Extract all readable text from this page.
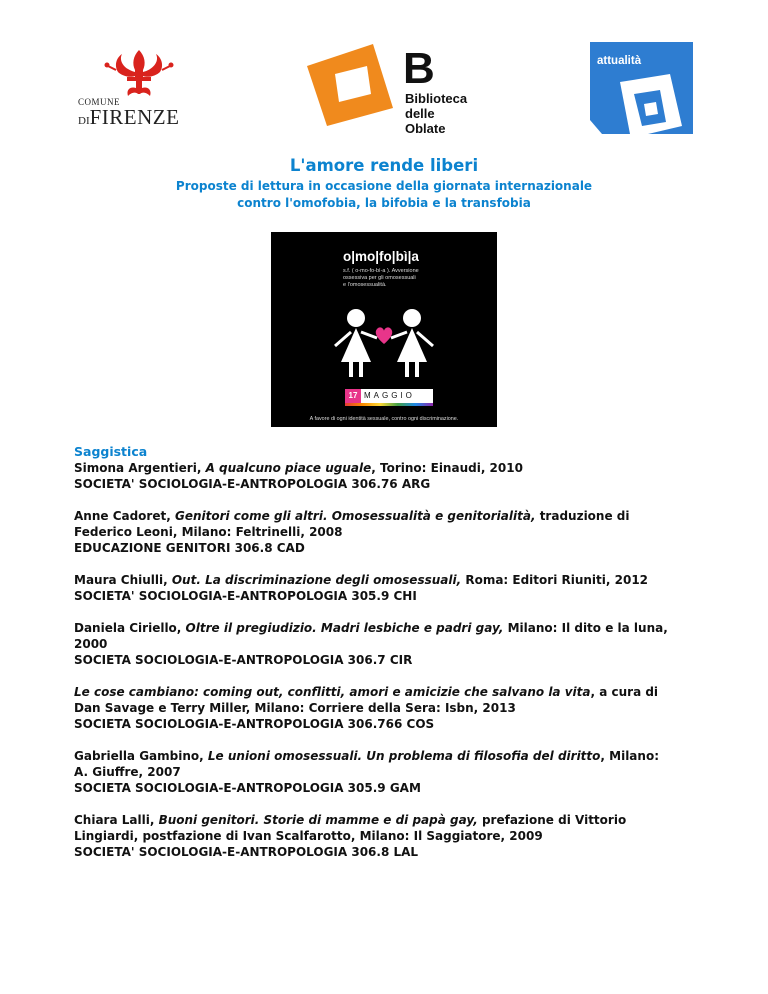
COMUNE
DIFIRENZE
B
Biblioteca
delle Oblate
attualità
L'amore rende liberi
Proposte di lettura in occasione della giornata internazionale
contro l'omofobia, la bifobia e la transfobia
o|mo|fo|bì|a
s.f. ( o-mo-fo-bì-a ). Avversione
ossessiva per gli omosessuali
e l'omosessualità.
17 MAGGIO
A favore di ogni identità sessuale, contro ogni discriminazione.
Saggistica

Simona Argentieri, A qualcuno piace uguale, Torino: Einaudi, 2010

SOCIETA' SOCIOLOGIA-E-ANTROPOLOGIA 306.76 ARG

Anne Cadoret, Genitori come gli altri. Omosessualità e genitorialità, traduzione di

Federico Leoni, Milano: Feltrinelli, 2008

EDUCAZIONE GENITORI 306.8 CAD

Maura Chiulli, Out. La discriminazione degli omosessuali, Roma: Editori Riuniti, 2012

SOCIETA' SOCIOLOGIA-E-ANTROPOLOGIA 305.9 CHI

Daniela Ciriello, Oltre il pregiudizio. Madri lesbiche e padri gay, Milano: Il dito e la luna,

2000

SOCIETA SOCIOLOGIA-E-ANTROPOLOGIA 306.7 CIR

Le cose cambiano: coming out, conflitti, amori e amicizie che salvano la vita, a cura di

Dan Savage e Terry Miller, Milano: Corriere della Sera: Isbn, 2013

SOCIETA SOCIOLOGIA-E-ANTROPOLOGIA 306.766 COS

Gabriella Gambino, Le unioni omosessuali. Un problema di filosofia del diritto, Milano:

A. Giuffre, 2007

SOCIETA SOCIOLOGIA-E-ANTROPOLOGIA 305.9 GAM

Chiara Lalli, Buoni genitori. Storie di mamme e di papà gay, prefazione di Vittorio

Lingiardi, postfazione di Ivan Scalfarotto, Milano: Il Saggiatore, 2009

SOCIETA' SOCIOLOGIA-E-ANTROPOLOGIA 306.8 LAL
